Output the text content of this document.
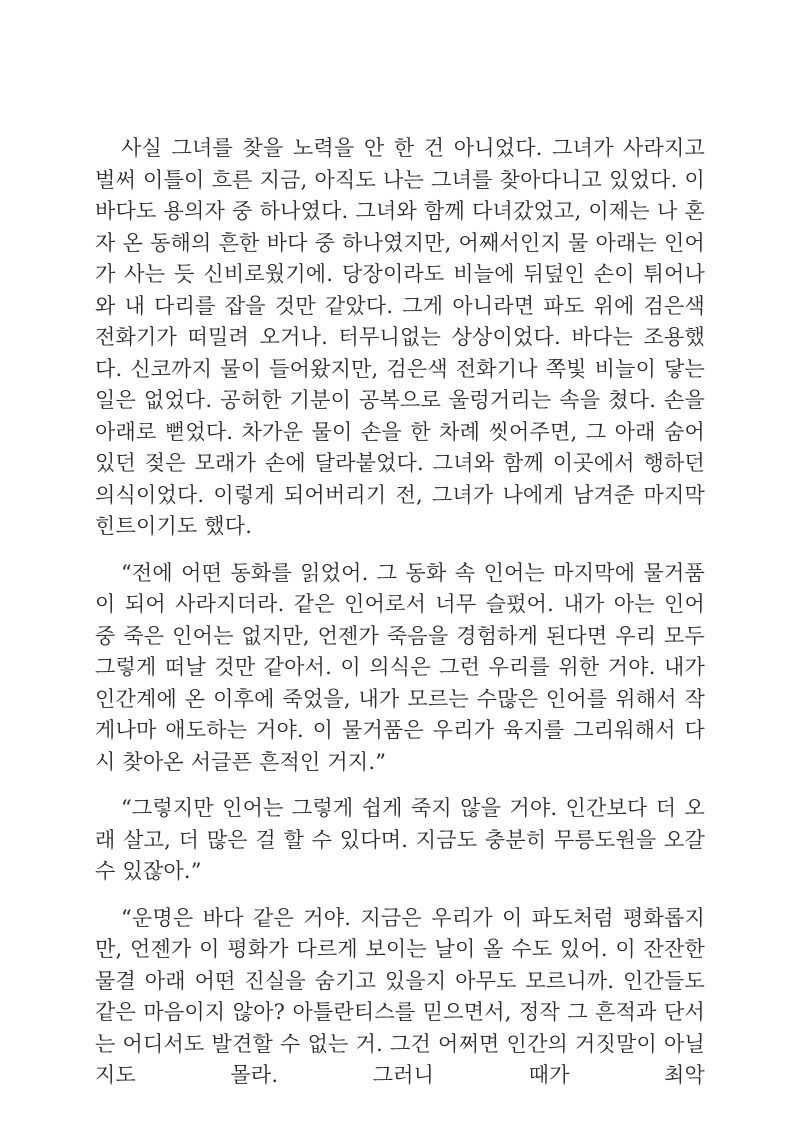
사실 그녀를 찾을 노력을 안 한 건 아니었다. 그녀가 사라지고 벌써 이틀이 흐른 지금, 아직도 나는 그녀를 찾아다니고 있었다. 이 바다도 용의자 중 하나였다. 그녀와 함께 다녀갔었고, 이제는 나 혼자 온 동해의 흔한 바다 중 하나였지만, 어째서인지 물 아래는 인어가 사는 듯 신비로웠기에. 당장이라도 비늘에 뒤덮인 손이 튀어나와 내 다리를 잡을 것만 같았다. 그게 아니라면 파도 위에 검은색 전화기가 떠밀려 오거나. 터무니없는 상상이었다. 바다는 조용했다. 신코까지 물이 들어왔지만, 검은색 전화기나 쪽빛 비늘이 닿는 일은 없었다. 공허한 기분이 공복으로 울렁거리는 속을 쳤다. 손을 아래로 뻗었다. 차가운 물이 손을 한 차례 씻어주면, 그 아래 숨어있던 젖은 모래가 손에 달라붙었다. 그녀와 함께 이곳에서 행하던 의식이었다. 이렇게 되어버리기 전, 그녀가 나에게 남겨준 마지막 힌트이기도 했다.

“전에 어떤 동화를 읽었어. 그 동화 속 인어는 마지막에 물거품이 되어 사라지더라. 같은 인어로서 너무 슬펐어. 내가 아는 인어 중 죽은 인어는 없지만, 언젠가 죽음을 경험하게 된다면 우리 모두 그렇게 떠날 것만 같아서. 이 의식은 그런 우리를 위한 거야. 내가 인간계에 온 이후에 죽었을, 내가 모르는 수많은 인어를 위해서 작게나마 애도하는 거야. 이 물거품은 우리가 육지를 그리워해서 다시 찾아온 서글픈 흔적인 거지.”

“그렇지만 인어는 그렇게 쉽게 죽지 않을 거야. 인간보다 더 오래 살고, 더 많은 걸 할 수 있다며. 지금도 충분히 무릉도원을 오갈 수 있잖아.”

“운명은 바다 같은 거야. 지금은 우리가 이 파도처럼 평화롭지만, 언젠가 이 평화가 다르게 보이는 날이 올 수도 있어. 이 잔잔한 물결 아래 어떤 진실을 숨기고 있을지 아무도 모르니까. 인간들도 같은 마음이지 않아? 아틀란티스를 믿으면서, 정작 그 흔적과 단서는 어디서도 발견할 수 없는 거. 그건 어쩌면 인간의 거짓말이 아닐지도 몰라. 그러니 때가 최악
